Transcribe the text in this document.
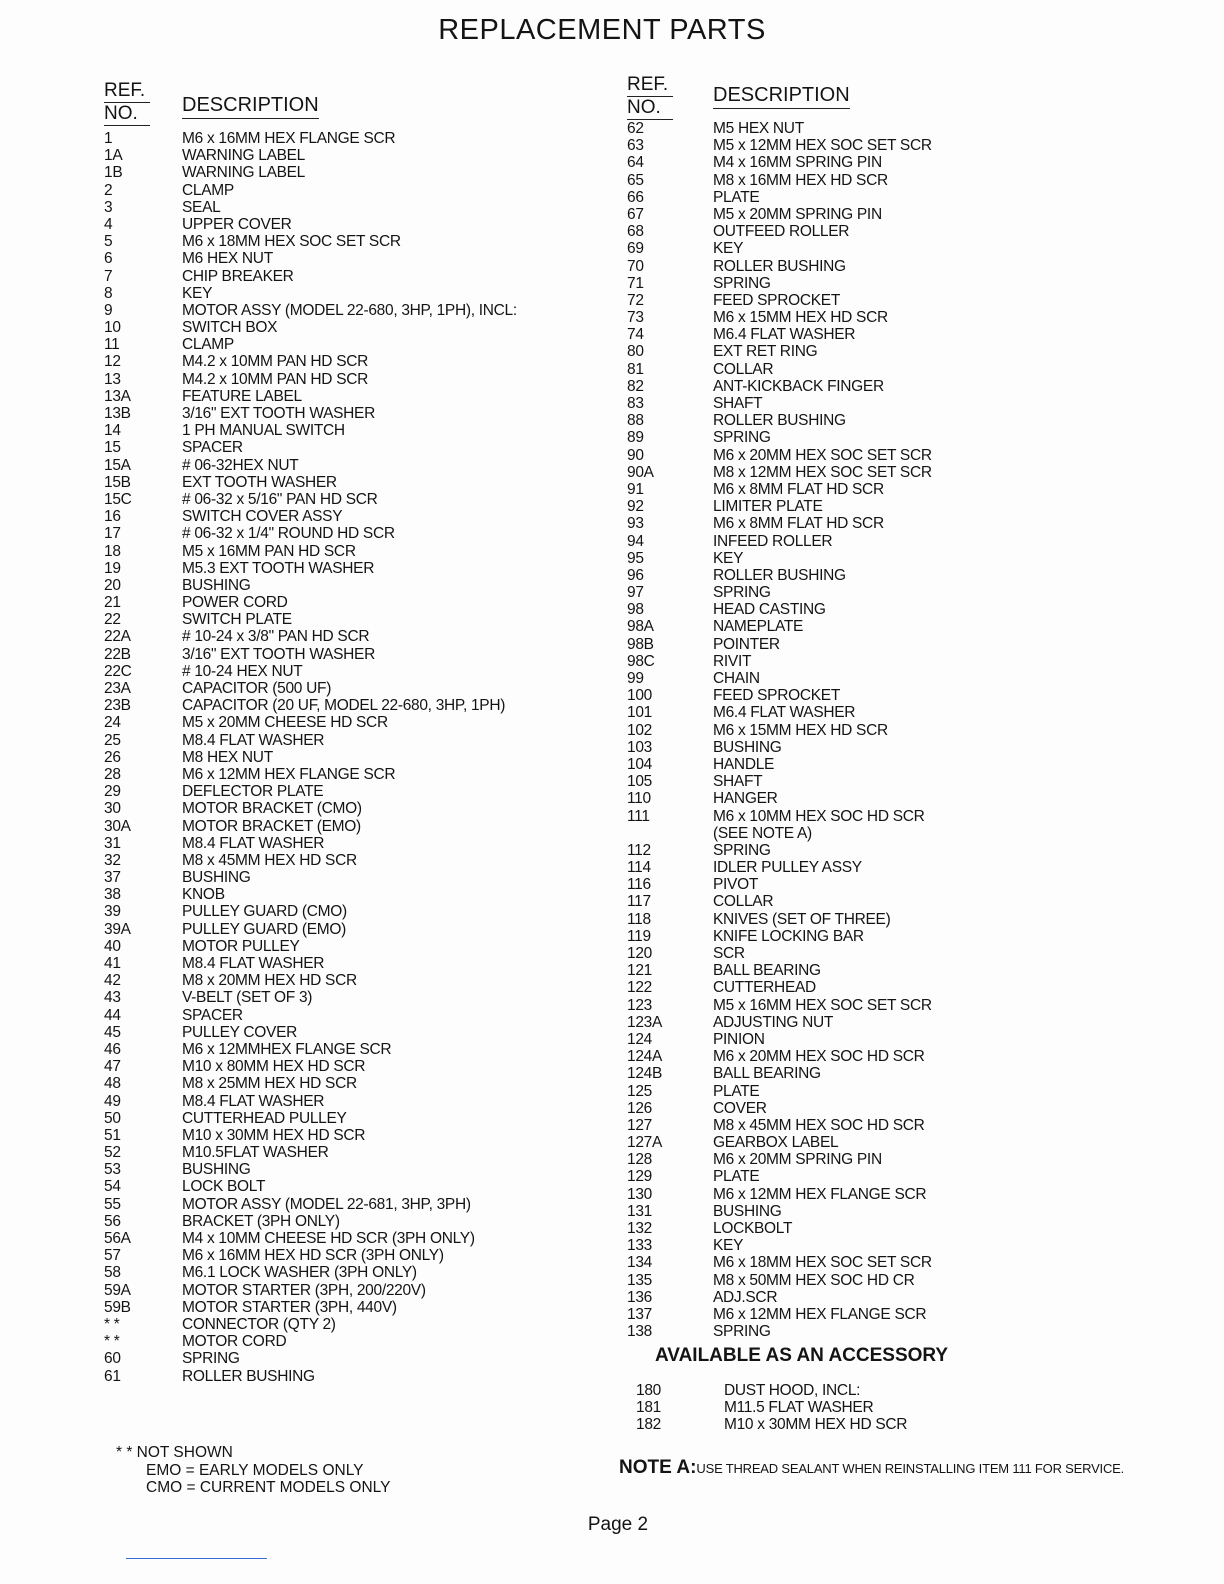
REPLACEMENT PARTS
REF.
NO.	DESCRIPTION
1	M6 x 16MM HEX FLANGE SCR
1A	WARNING LABEL
1B	WARNING LABEL
2	CLAMP
3	SEAL
4	UPPER COVER
5	M6 x 18MM HEX SOC SET SCR
6	M6 HEX NUT
7	CHIP BREAKER
8	KEY
9	MOTOR ASSY (MODEL 22-680, 3HP, 1PH), INCL:
10	SWITCH BOX
11	CLAMP
12	M4.2 x 10MM PAN HD SCR
13	M4.2 x 10MM PAN HD SCR
13A	FEATURE LABEL
13B	3/16" EXT TOOTH WASHER
14	1 PH MANUAL SWITCH
15	SPACER
15A	# 06-32HEX NUT
15B	EXT TOOTH WASHER
15C	# 06-32 x 5/16" PAN HD SCR
16	SWITCH COVER ASSY
17	# 06-32 x 1/4" ROUND HD SCR
18	M5 x 16MM PAN HD SCR
19	M5.3 EXT TOOTH WASHER
20	BUSHING
21	POWER CORD
22	SWITCH PLATE
22A	# 10-24 x 3/8" PAN HD SCR
22B	3/16" EXT TOOTH WASHER
22C	# 10-24 HEX NUT
23A	CAPACITOR (500 UF)
23B	CAPACITOR (20 UF, MODEL 22-680, 3HP, 1PH)
24	M5 x 20MM CHEESE HD SCR
25	M8.4 FLAT WASHER
26	M8 HEX NUT
28	M6 x 12MM HEX FLANGE SCR
29	DEFLECTOR PLATE
30	MOTOR BRACKET (CMO)
30A	MOTOR BRACKET (EMO)
31	M8.4 FLAT WASHER
32	M8 x 45MM HEX HD SCR
37	BUSHING
38	KNOB
39	PULLEY GUARD (CMO)
39A	PULLEY GUARD (EMO)
40	MOTOR PULLEY
41	M8.4 FLAT WASHER
42	M8 x 20MM HEX HD SCR
43	V-BELT (SET OF 3)
44	SPACER
45	PULLEY COVER
46	M6 x 12MMHEX FLANGE SCR
47	M10 x 80MM HEX HD SCR
48	M8 x 25MM HEX HD SCR
49	M8.4 FLAT WASHER
50	CUTTERHEAD PULLEY
51	M10 x 30MM HEX HD SCR
52	M10.5FLAT WASHER
53	BUSHING
54	LOCK BOLT
55	MOTOR ASSY (MODEL 22-681, 3HP, 3PH)
56	BRACKET (3PH ONLY)
56A	M4 x 10MM CHEESE HD SCR (3PH ONLY)
57	M6 x 16MM HEX HD SCR (3PH ONLY)
58	M6.1 LOCK WASHER (3PH ONLY)
59A	MOTOR STARTER (3PH, 200/220V)
59B	MOTOR STARTER (3PH, 440V)
* *	CONNECTOR (QTY 2)
* *	MOTOR CORD
60	SPRING
61	ROLLER BUSHING
REF.
NO.
DESCRIPTION
62	M5 HEX NUT
63	M5 x 12MM HEX SOC SET SCR
64	M4 x 16MM SPRING PIN
65	M8 x 16MM HEX HD SCR
66	PLATE
67	M5 x 20MM SPRING PIN
68	OUTFEED ROLLER
69	KEY
70	ROLLER BUSHING
71	SPRING
72	FEED SPROCKET
73	M6 x 15MM HEX HD SCR
74	M6.4 FLAT WASHER
80	EXT RET RING
81	COLLAR
82	ANT-KICKBACK FINGER
83	SHAFT
88	ROLLER BUSHING
89	SPRING
90	M6 x 20MM HEX SOC SET SCR
90A	M8 x 12MM HEX SOC SET SCR
91	M6 x 8MM FLAT HD SCR
92	LIMITER PLATE
93	M6 x 8MM FLAT HD SCR
94	INFEED ROLLER
95	KEY
96	ROLLER BUSHING
97	SPRING
98	HEAD CASTING
98A	NAMEPLATE
98B	POINTER
98C	RIVIT
99	CHAIN
100	FEED SPROCKET
101	M6.4 FLAT WASHER
102	M6 x 15MM HEX HD SCR
103	BUSHING
104	HANDLE
105	SHAFT
110	HANGER
111	M6 x 10MM HEX SOC HD SCR
(SEE NOTE A)
112	SPRING
114	IDLER PULLEY ASSY
116	PIVOT
117	COLLAR
118	KNIVES (SET OF THREE)
119	KNIFE LOCKING BAR
120	SCR
121	BALL BEARING
122	CUTTERHEAD
123	M5 x 16MM HEX SOC SET SCR
123A	ADJUSTING NUT
124	PINION
124A	M6 x 20MM HEX SOC HD SCR
124B	BALL BEARING
125	PLATE
126	COVER
127	M8 x 45MM HEX SOC HD SCR
127A	GEARBOX LABEL
128	M6 x 20MM SPRING PIN
129	PLATE
130	M6 x 12MM HEX FLANGE SCR
131	BUSHING
132	LOCKBOLT
133	KEY
134	M6 x 18MM HEX SOC SET SCR
135	M8 x 50MM HEX SOC HD CR
136	ADJ.SCR
137	M6 x 12MM HEX FLANGE SCR
138	SPRING
AVAILABLE AS AN ACCESSORY
180	DUST HOOD, INCL:
181	M11.5 FLAT WASHER
182	M10 x 30MM HEX HD SCR
* * NOT SHOWN
EMO = EARLY MODELS ONLY
CMO = CURRENT MODELS ONLY
NOTE A:USE THREAD SEALANT WHEN REINSTALLING ITEM 111 FOR SERVICE.
Page 2
